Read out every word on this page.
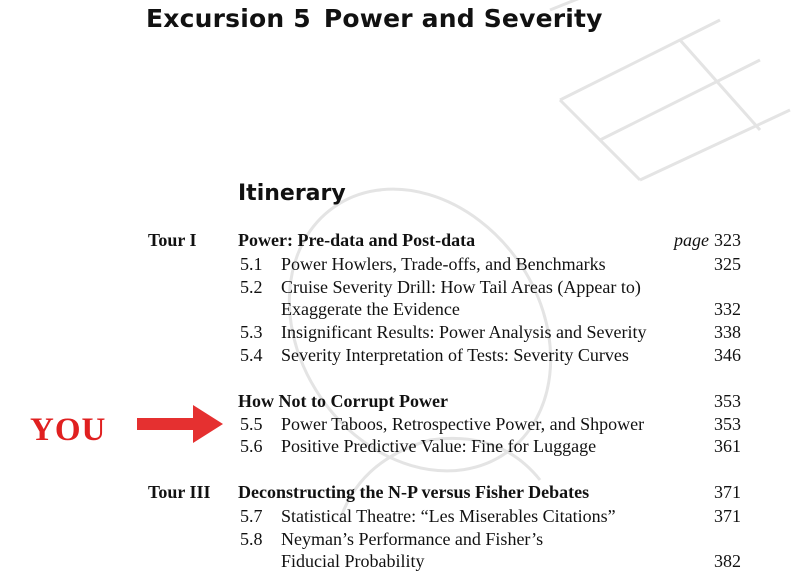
Excursion 5 Power and Severity
Itinerary
Tour I Power: Pre-data and Post-data	page 323
5.1 Power Howlers, Trade-offs, and Benchmarks	325
5.2 Cruise Severity Drill: How Tail Areas (Appear to)
Exaggerate the Evidence	332
5.3 Insignificant Results: Power Analysis and Severity	338
5.4 Severity Interpretation of Tests: Severity Curves	346
How Not to Corrupt Power	353
5.5 Power Taboos, Retrospective Power, and Shpower	353
5.6 Positive Predictive Value: Fine for Luggage	361
Tour III Deconstructing the N-P versus Fisher Debates	371
5.7 Statistical Theatre: “Les Miserables Citations”	371
5.8 Neyman’s Performance and Fisher’s
Fiducial Probability	382
YOU
